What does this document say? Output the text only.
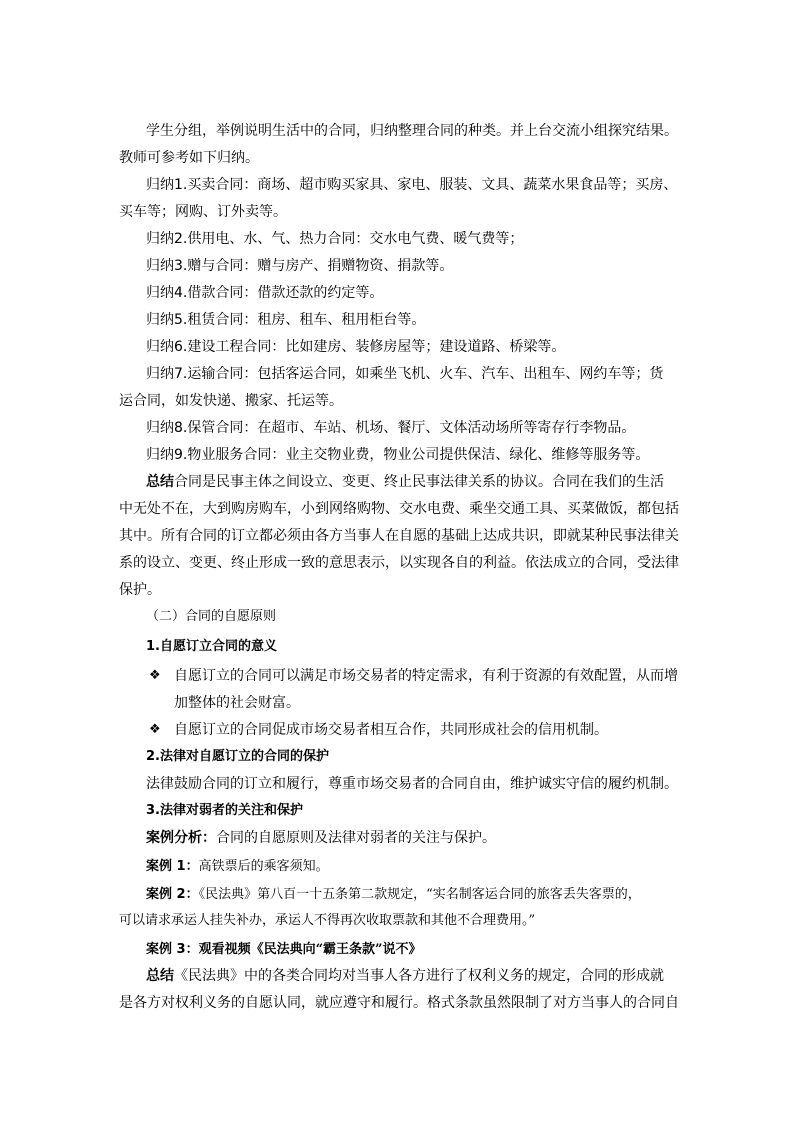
学生分组，举例说明生活中的合同，归纳整理合同的种类。并上台交流小组探究结果。
教师可参考如下归纳。
归纳1.买卖合同：商场、超市购买家具、家电、服装、文具、蔬菜水果食品等；买房、
买车等；网购、订外卖等。
归纳2.供用电、水、气、热力合同：交水电气费、暖气费等；
归纳3.赠与合同：赠与房产、捐赠物资、捐款等。
归纳4.借款合同：借款还款的约定等。
归纳5.租赁合同：租房、租车、租用柜台等。
归纳6.建设工程合同：比如建房、装修房屋等；建设道路、桥梁等。
归纳7.运输合同：包括客运合同，如乘坐飞机、火车、汽车、出租车、网约车等；货
运合同，如发快递、搬家、托运等。
归纳8.保管合同：在超市、车站、机场、餐厅、文体活动场所等寄存行李物品。
归纳9.物业服务合同：业主交物业费，物业公司提供保洁、绿化、维修等服务等。
总结合同是民事主体之间设立、变更、终止民事法律关系的协议。合同在我们的生活
中无处不在，大到购房购车，小到网络购物、交水电费、乘坐交通工具、买菜做饭，都包括
其中。所有合同的订立都必须由各方当事人在自愿的基础上达成共识，即就某种民事法律关
系的设立、变更、终止形成一致的意思表示，以实现各自的利益。依法成立的合同，受法律
保护。
（二）合同的自愿原则
1.自愿订立合同的意义
❖ 自愿订立的合同可以满足市场交易者的特定需求，有利于资源的有效配置，从而增
加整体的社会财富。
❖ 自愿订立的合同促成市场交易者相互合作，共同形成社会的信用机制。
2.法律对自愿订立的合同的保护
法律鼓励合同的订立和履行，尊重市场交易者的合同自由，维护诚实守信的履约机制。
3.法律对弱者的关注和保护
案例分析：合同的自愿原则及法律对弱者的关注与保护。
案例 1：高铁票后的乘客须知。
案例 2：《民法典》第八百一十五条第二款规定，“实名制客运合同的旅客丢失客票的，
可以请求承运人挂失补办，承运人不得再次收取票款和其他不合理费用。”
案例 3：观看视频《民法典向“霸王条款”说不》
总结《民法典》中的各类合同均对当事人各方进行了权利义务的规定，合同的形成就
是各方对权利义务的自愿认同，就应遵守和履行。格式条款虽然限制了对方当事人的合同自
